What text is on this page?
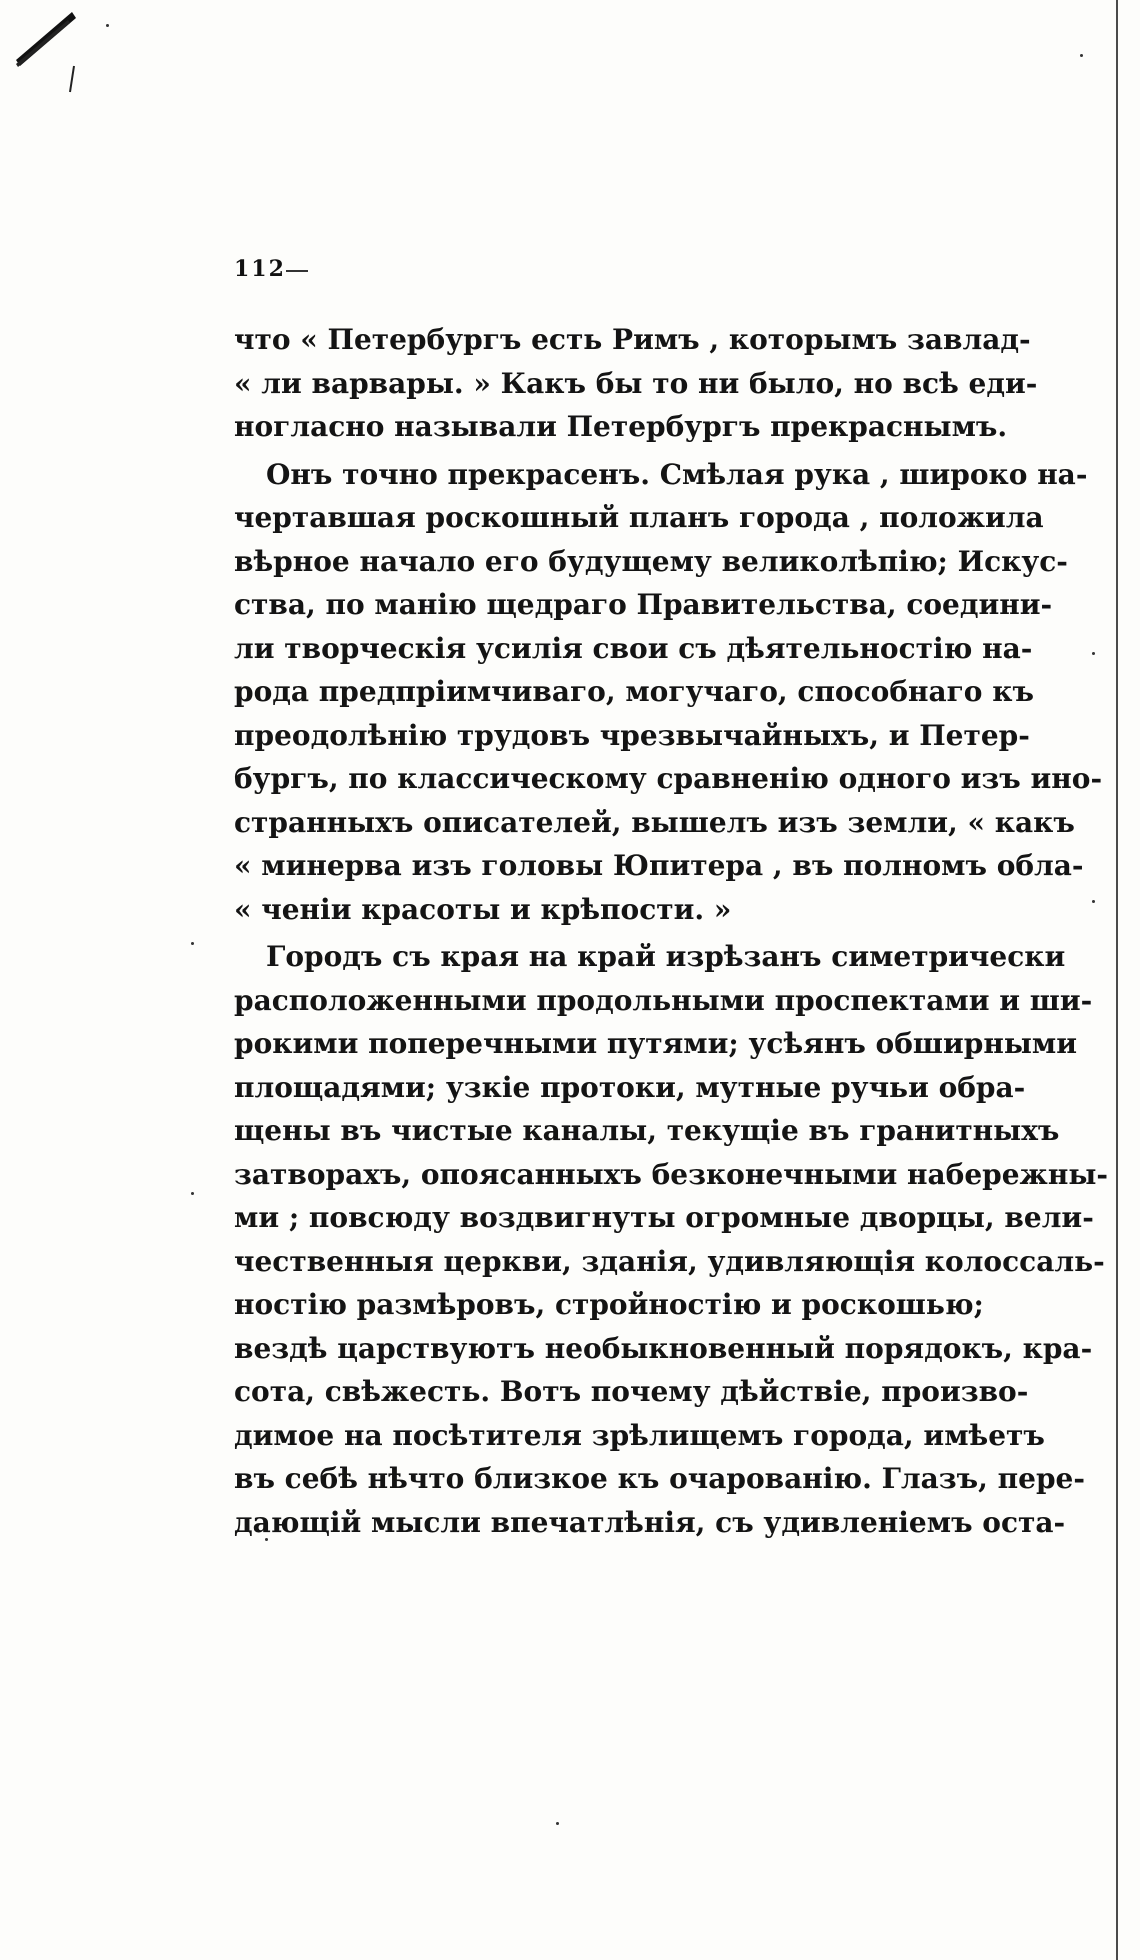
112
что « Петербургъ есть Римъ , которымъ завлад-
« ли варвары. » Какъ бы то ни было, но всѣ еди-
ногласно называли Петербургъ прекраснымъ.
Онъ точно прекрасенъ. Смѣлая рука , широко на-
чертавшая роскошный планъ города , положила
вѣрное начало его будущему великолѣпію; Искус-
ства, по манію щедраго Правительства, соедини-
ли творческія усилія свои съ дѣятельностію на-
рода предпріимчиваго, могучаго, способнаго къ
преодолѣнію трудовъ чрезвычайныхъ, и Петер-
бургъ, по классическому сравненію одного изъ ино-
странныхъ описателей, вышелъ изъ земли, « какъ
« минерва изъ головы Юпитера , въ полномъ обла-
« ченіи красоты и крѣпости. »
Городъ съ края на край изрѣзанъ симетрически
расположенными продольными проспектами и ши-
рокими поперечными путями; усѣянъ обширными
площадями; узкіе протоки, мутные ручьи обра-
щены въ чистые каналы, текущіе въ гранитныхъ
затворахъ, опоясанныхъ безконечными набережны-
ми ; повсюду воздвигнуты огромные дворцы, вели-
чественныя церкви, зданія, удивляющія колоссаль-
ностію размѣровъ, стройностію и роскошью;
вездѣ царствуютъ необыкновенный порядокъ, кра-
сота, свѣжесть. Вотъ почему дѣйствіе, произво-
димое на посѣтителя зрѣлищемъ города, имѣетъ
въ себѣ нѣчто близкое къ очарованію. Глазъ, пере-
дающій мысли впечатлѣнія, съ удивленіемъ оста-
